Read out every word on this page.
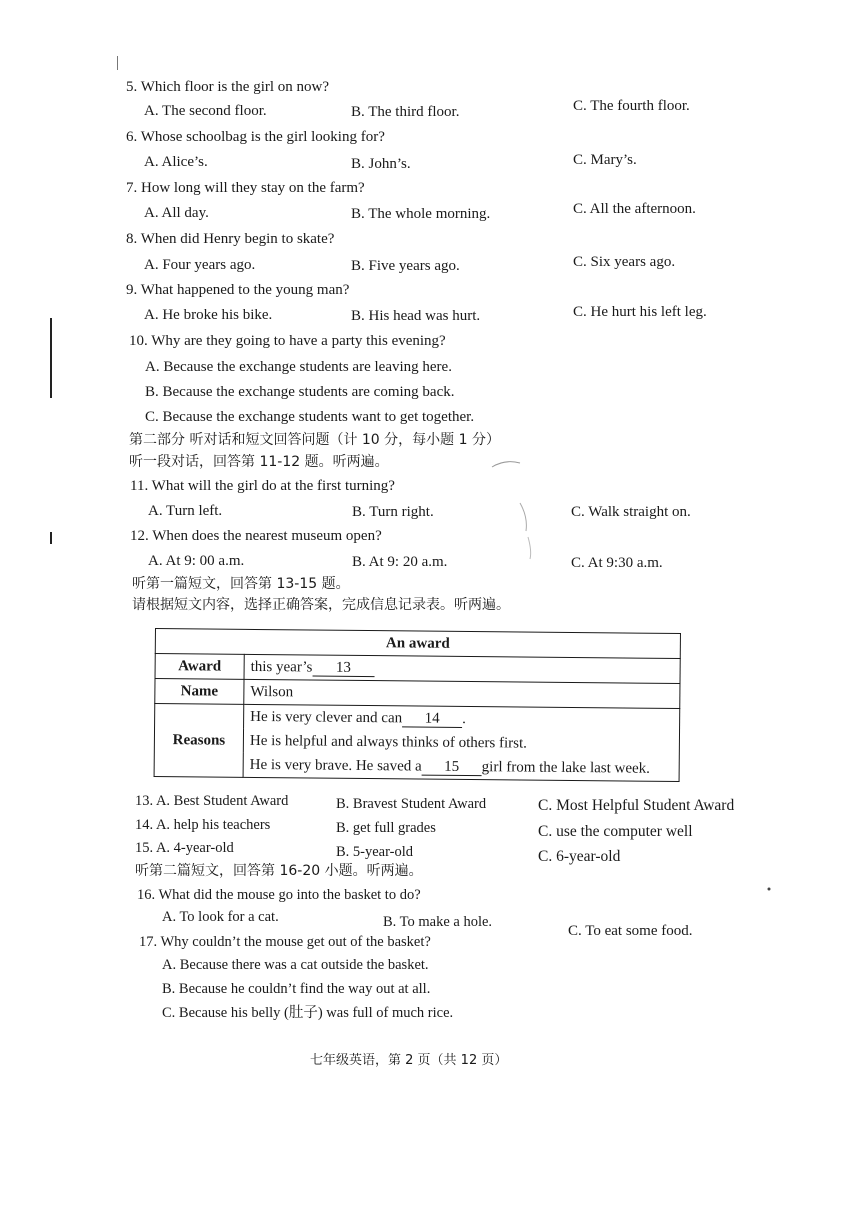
5. Which floor is the girl on now?
A. The second floor.	B. The third floor.	C. The fourth floor.
6. Whose schoolbag is the girl looking for?
A. Alice’s.	B. John’s.	C. Mary’s.
7. How long will they stay on the farm?
A. All day.	B. The whole morning.	C. All the afternoon.
8. When did Henry begin to skate?
A. Four years ago.	B. Five years ago.	C. Six years ago.
9. What happened to the young man?
A. He broke his bike.	B. His head was hurt.	C. He hurt his left leg.
10. Why are they going to have a party this evening?
A. Because the exchange students are leaving here.
B. Because the exchange students are coming back.
C. Because the exchange students want to get together.
第二部分 听对话和短文回答问题（计 10 分，每小题 1 分）
听一段对话，回答第 11-12 题。听两遍。
11. What will the girl do at the first turning?
A. Turn left.	B. Turn right.	C. Walk straight on.
12. When does the nearest museum open?
A. At 9: 00 a.m.	B. At 9: 20 a.m.	C. At 9:30 a.m.
听第一篇短文，回答第 13-15 题。
请根据短文内容，选择正确答案，完成信息记录表。听两遍。
An award	
Award	this year’s 13
Name	Wilson
Reasons	He is very clever and can 14 .
	He is helpful and always thinks of others first.
	He is very brave. He saved a 15 girl from the lake last week.
13. A. Best Student Award	B. Bravest Student Award	C. Most Helpful Student Award
14. A. help his teachers	B. get full grades	C. use the computer well
15. A. 4-year-old	B. 5-year-old	C. 6-year-old
听第二篇短文，回答第 16-20 小题。听两遍。
16. What did the mouse go into the basket to do?
A. To look for a cat.	B. To make a hole.
C. To eat some food.
17. Why couldn’t the mouse get out of the basket?
A. Because there was a cat outside the basket.
B. Because he couldn’t find the way out at all.
C. Because his belly (肚子) was full of much rice.
七年级英语，第 2 页（共 12 页）
